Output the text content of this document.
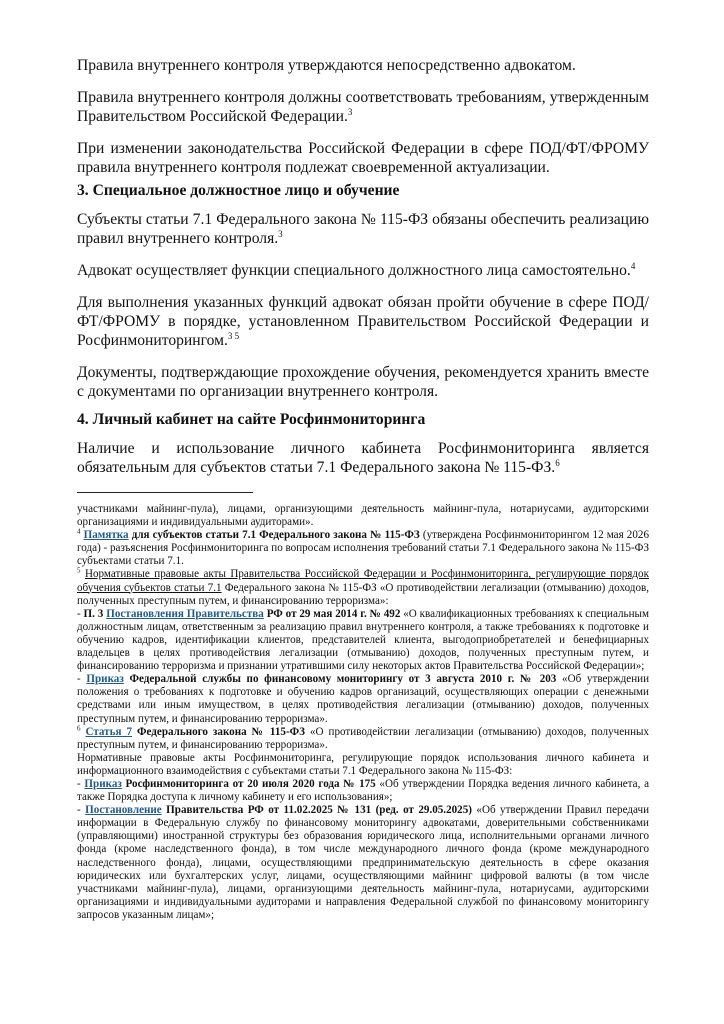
Правила внутреннего контроля утверждаются непосредственно адвокатом.

Правила внутреннего контроля должны соответствовать требованиям, утвержденным Правительством Российской Федерации.$^3$

При изменении законодательства Российской Федерации в сфере ПОД/ФТ/ФРОМУ правила внутреннего контроля подлежат своевременной актуализации.

3. Специальное должностное лицо и обучение

Субъекты статьи 7.1 Федерального закона № 115-ФЗ обязаны обеспечить реализацию правил внутреннего контроля.$^3$

Адвокат осуществляет функции специального должностного лица самостоятельно.$^4$

Для выполнения указанных функций адвокат обязан пройти обучение в сфере ПОД/ФТ/ФРОМУ в порядке, установленном Правительством Российской Федерации и Росфинмониторингом.$^{3 5}$

Документы, подтверждающие прохождение обучения, рекомендуется хранить вместе с документами по организации внутреннего контроля.

4. Личный кабинет на сайте Росфинмониторинга

Наличие и использование личного кабинета Росфинмониторинга является обязательным для субъектов статьи 7.1 Федерального закона № 115-ФЗ.$^6$

участниками майнинг-пула), лицами, организующими деятельность майнинг-пула, нотариусами, аудиторскими организациями и индивидуальными аудиторами».

$^4$ Памятка для субъектов статьи 7.1 Федерального закона № 115-ФЗ (утверждена Росфинмониторингом 12 мая 2026 года) - разъяснения Росфинмониторинга по вопросам исполнения требований статьи 7.1 Федерального закона № 115-ФЗ субъектами статьи 7.1.

$^5$ Нормативные правовые акты Правительства Российской Федерации и Росфинмониторинга, регулирующие порядок обучения субъектов статьи 7.1 Федерального закона № 115-ФЗ «О противодействии легализации (отмыванию) доходов, полученных преступным путем, и финансированию терроризма»:

- П. 3 Постановления Правительства РФ от 29 мая 2014 г. № 492 «О квалификационных требованиях к специальным должностным лицам, ответственным за реализацию правил внутреннего контроля, а также требованиях к подготовке и обучению кадров, идентификации клиентов, представителей клиента, выгодоприобретателей и бенефициарных владельцев в целях противодействия легализации (отмыванию) доходов, полученных преступным путем, и финансированию терроризма и признании утратившими силу некоторых актов Правительства Российской Федерации»;

- Приказ Федеральной службы по финансовому мониторингу от 3 августа 2010 г. № 203 «Об утверждении положения о требованиях к подготовке и обучению кадров организаций, осуществляющих операции с денежными средствами или иным имуществом, в целях противодействия легализации (отмыванию) доходов, полученных преступным путем, и финансированию терроризма».

$^6$ Статья 7 Федерального закона № 115-ФЗ «О противодействии легализации (отмыванию) доходов, полученных преступным путем, и финансированию терроризма».

Нормативные правовые акты Росфинмониторинга, регулирующие порядок использования личного кабинета и информационного взаимодействия с субъектами статьи 7.1 Федерального закона № 115-ФЗ:

- Приказ Росфинмониторинга от 20 июля 2020 года № 175 «Об утверждении Порядка ведения личного кабинета, а также Порядка доступа к личному кабинету и его использования»;

- Постановление Правительства РФ от 11.02.2025 № 131 (ред. от 29.05.2025) «Об утверждении Правил передачи информации в Федеральную службу по финансовому мониторингу адвокатами, доверительными собственниками (управляющими) иностранной структуры без образования юридического лица, исполнительными органами личного фонда (кроме наследственного фонда), в том числе международного личного фонда (кроме международного наследственного фонда), лицами, осуществляющими предпринимательскую деятельность в сфере оказания юридических или бухгалтерских услуг, лицами, осуществляющими майнинг цифровой валюты (в том числе участниками майнинг-пула), лицами, организующими деятельность майнинг-пула, нотариусами, аудиторскими организациями и индивидуальными аудиторами и направления Федеральной службой по финансовому мониторингу запросов указанным лицам»;
